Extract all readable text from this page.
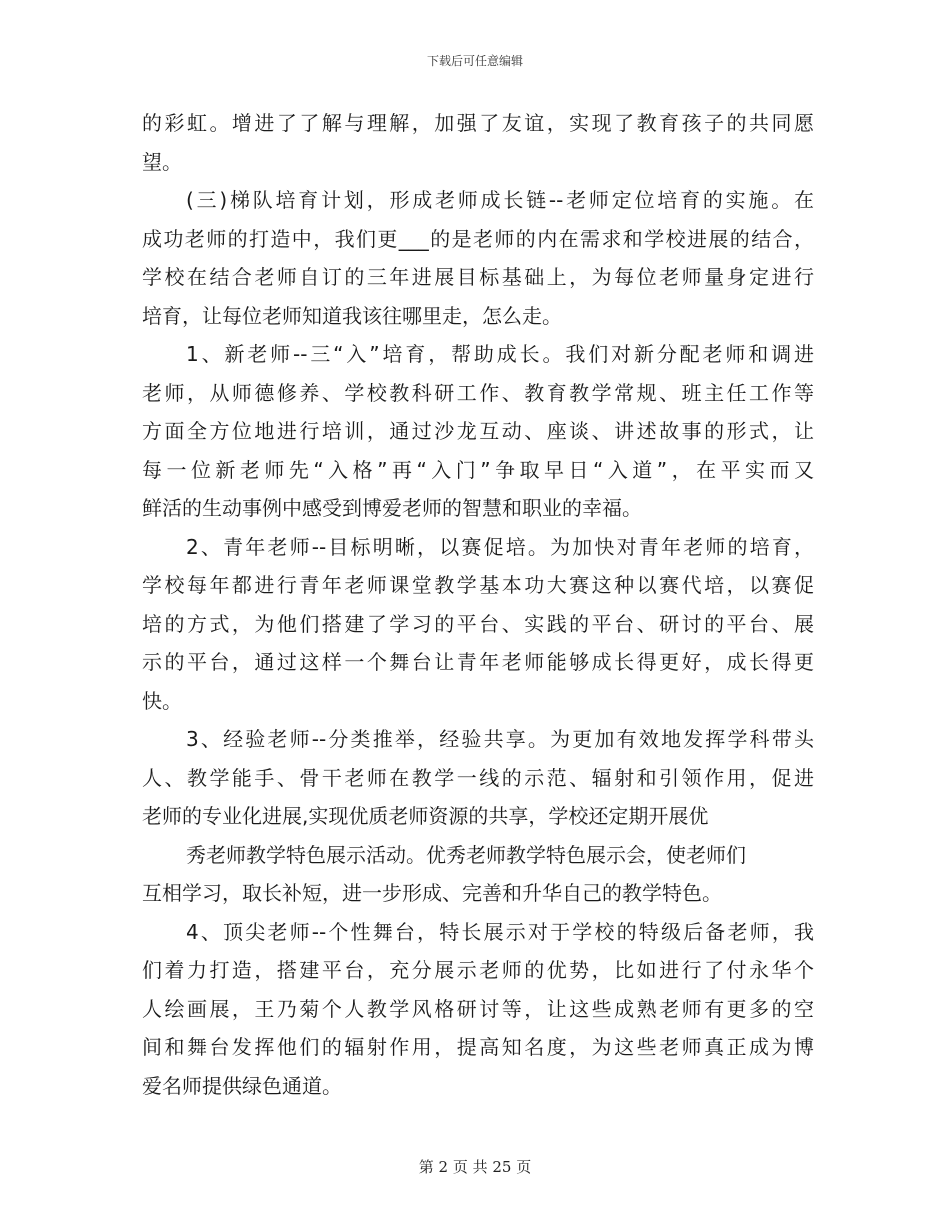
下载后可任意编辑
的彩虹。增进了了解与理解，加强了友谊，实现了教育孩子的共同愿
望。
(三)梯队培育计划，形成老师成长链--老师定位培育的实施。在
成功老师的打造中，我们更___的是老师的内在需求和学校进展的结合，
学校在结合老师自订的三年进展目标基础上，为每位老师量身定进行
培育，让每位老师知道我该往哪里走，怎么走。
1、新老师--三“入”培育，帮助成长。我们对新分配老师和调进
老师，从师德修养、学校教科研工作、教育教学常规、班主任工作等
方面全方位地进行培训，通过沙龙互动、座谈、讲述故事的形式，让
每一位新老师先“入格”再“入门”争取早日“入道”，在平实而又
鲜活的生动事例中感受到博爱老师的智慧和职业的幸福。
2、青年老师--目标明晰，以赛促培。为加快对青年老师的培育，
学校每年都进行青年老师课堂教学基本功大赛这种以赛代培，以赛促
培的方式，为他们搭建了学习的平台、实践的平台、研讨的平台、展
示的平台，通过这样一个舞台让青年老师能够成长得更好，成长得更
快。
3、经验老师--分类推举，经验共享。为更加有效地发挥学科带头
人、教学能手、骨干老师在教学一线的示范、辐射和引领作用，促进
老师的专业化进展,实现优质老师资源的共享，学校还定期开展优
秀老师教学特色展示活动。优秀老师教学特色展示会，使老师们
互相学习，取长补短，进一步形成、完善和升华自己的教学特色。
4、顶尖老师--个性舞台，特长展示对于学校的特级后备老师，我
们着力打造，搭建平台，充分展示老师的优势，比如进行了付永华个
人绘画展，王乃菊个人教学风格研讨等，让这些成熟老师有更多的空
间和舞台发挥他们的辐射作用，提高知名度，为这些老师真正成为博
爱名师提供绿色通道。
第 2 页 共 25 页
